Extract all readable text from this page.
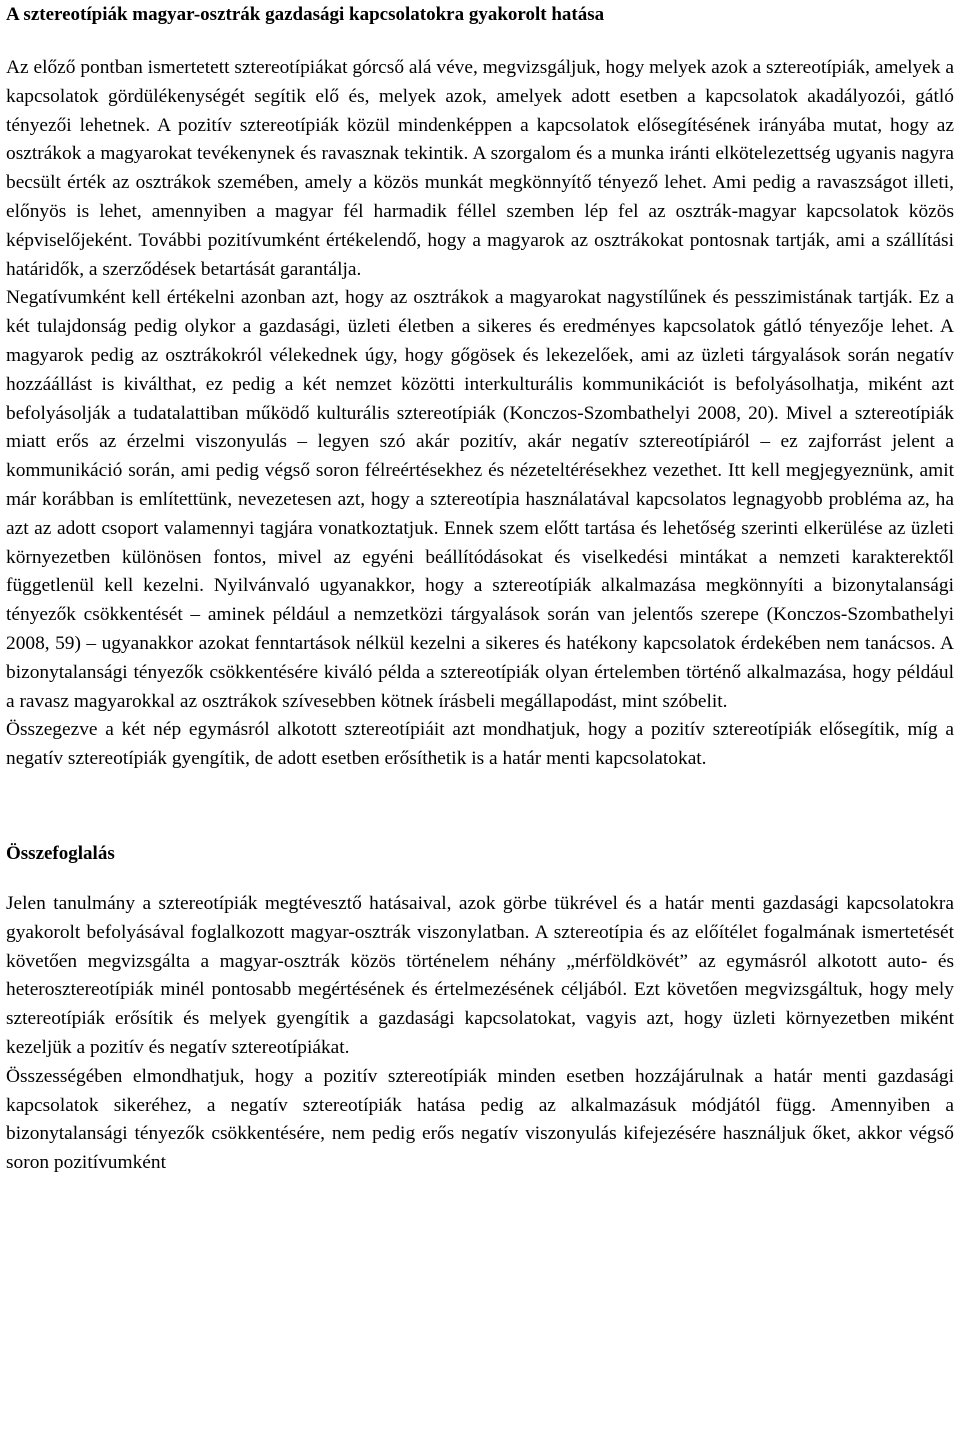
A sztereotípiák magyar-osztrák gazdasági kapcsolatokra gyakorolt hatása

Az előző pontban ismertetett sztereotípiákat górcső alá véve, megvizsgáljuk, hogy melyek azok a sztereotípiák, amelyek a kapcsolatok gördülékenységét segítik elő és, melyek azok, amelyek adott esetben a kapcsolatok akadályozói, gátló tényezői lehetnek. A pozitív sztereotípiák közül mindenképpen a kapcsolatok elősegítésének irányába mutat, hogy az osztrákok a magyarokat tevékenynek és ravasznak tekintik. A szorgalom és a munka iránti elkötelezettség ugyanis nagyra becsült érték az osztrákok szemében, amely a közös munkát megkönnyítő tényező lehet. Ami pedig a ravaszságot illeti, előnyös is lehet, amennyiben a magyar fél harmadik féllel szemben lép fel az osztrák-magyar kapcsolatok közös képviselőjeként. További pozitívumként értékelendő, hogy a magyarok az osztrákokat pontosnak tartják, ami a szállítási határidők, a szerződések betartását garantálja.

Negatívumként kell értékelni azonban azt, hogy az osztrákok a magyarokat nagystílűnek és pesszimistának tartják. Ez a két tulajdonság pedig olykor a gazdasági, üzleti életben a sikeres és eredményes kapcsolatok gátló tényezője lehet. A magyarok pedig az osztrákokról vélekednek úgy, hogy gőgösek és lekezelőek, ami az üzleti tárgyalások során negatív hozzáállást is kiválthat, ez pedig a két nemzet közötti interkulturális kommunikációt is befolyásolhatja, miként azt befolyásolják a tudatalattiban működő kulturális sztereotípiák (Konczos-Szombathelyi 2008, 20). Mivel a sztereotípiák miatt erős az érzelmi viszonyulás – legyen szó akár pozitív, akár negatív sztereotípiáról – ez zajforrást jelent a kommunikáció során, ami pedig végső soron félreértésekhez és nézeteltérésekhez vezethet. Itt kell megjegyeznünk, amit már korábban is említettünk, nevezetesen azt, hogy a sztereotípia használatával kapcsolatos legnagyobb probléma az, ha azt az adott csoport valamennyi tagjára vonatkoztatjuk. Ennek szem előtt tartása és lehetőség szerinti elkerülése az üzleti környezetben különösen fontos, mivel az egyéni beállítódásokat és viselkedési mintákat a nemzeti karakterektől függetlenül kell kezelni. Nyilvánvaló ugyanakkor, hogy a sztereotípiák alkalmazása megkönnyíti a bizonytalansági tényezők csökkentését – aminek például a nemzetközi tárgyalások során van jelentős szerepe (Konczos-Szombathelyi 2008, 59) – ugyanakkor azokat fenntartások nélkül kezelni a sikeres és hatékony kapcsolatok érdekében nem tanácsos. A bizonytalansági tényezők csökkentésére kiváló példa a sztereotípiák olyan értelemben történő alkalmazása, hogy például a ravasz magyarokkal az osztrákok szívesebben kötnek írásbeli megállapodást, mint szóbelit.

Összegezve a két nép egymásról alkotott sztereotípiáit azt mondhatjuk, hogy a pozitív sztereotípiák elősegítik, míg a negatív sztereotípiák gyengítik, de adott esetben erősíthetik is a határ menti kapcsolatokat.

Összefoglalás

Jelen tanulmány a sztereotípiák megtévesztő hatásaival, azok görbe tükrével és a határ menti gazdasági kapcsolatokra gyakorolt befolyásával foglalkozott magyar-osztrák viszonylatban. A sztereotípia és az előítélet fogalmának ismertetését követően megvizsgálta a magyar-osztrák közös történelem néhány „mérföldkövét” az egymásról alkotott auto- és heterosztereotípiák minél pontosabb megértésének és értelmezésének céljából. Ezt követően megvizsgáltuk, hogy mely sztereotípiák erősítik és melyek gyengítik a gazdasági kapcsolatokat, vagyis azt, hogy üzleti környezetben miként kezeljük a pozitív és negatív sztereotípiákat.

Összességében elmondhatjuk, hogy a pozitív sztereotípiák minden esetben hozzájárulnak a határ menti gazdasági kapcsolatok sikeréhez, a negatív sztereotípiák hatása pedig az alkalmazásuk módjától függ. Amennyiben a bizonytalansági tényezők csökkentésére, nem pedig erős negatív viszonyulás kifejezésére használjuk őket, akkor végső soron pozitívumként
